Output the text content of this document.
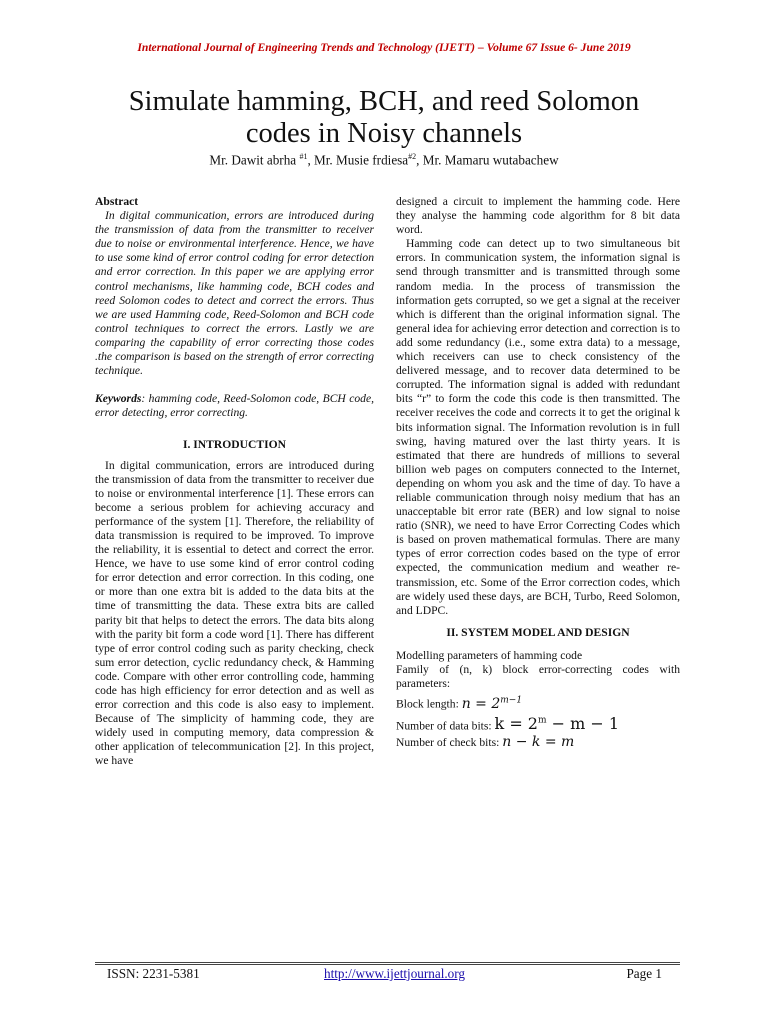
International Journal of Engineering Trends and Technology (IJETT) – Volume 67 Issue 6- June 2019
Simulate hamming, BCH, and reed Solomon
codes in Noisy channels
Mr. Dawit abrha $^{\#1}$, Mr. Musie frdiesa$^{\#2}$, Mr. Mamaru wutabachew

Abstract

In digital communication, errors are introduced during the transmission of data from the transmitter to receiver due to noise or environmental interference. Hence, we have to use some kind of error control coding for error detection and error correction. In this paper we are applying error control mechanisms, like hamming code, BCH codes and reed Solomon codes to detect and correct the errors. Thus we are used Hamming code, Reed-Solomon and BCH code control techniques to correct the errors. Lastly we are comparing the capability of error correcting those codes .the comparison is based on the strength of error correcting technique.

Keywords: hamming code, Reed-Solomon code, BCH code, error detecting, error correcting.

I. INTRODUCTION

In digital communication, errors are introduced during the transmission of data from the transmitter to receiver due to noise or environmental interference [1]. These errors can become a serious problem for achieving accuracy and performance of the system [1]. Therefore, the reliability of data transmission is required to be improved. To improve the reliability, it is essential to detect and correct the error. Hence, we have to use some kind of error control coding for error detection and error correction. In this coding, one or more than one extra bit is added to the data bits at the time of transmitting the data. These extra bits are called parity bit that helps to detect the errors. The data bits along with the parity bit form a code word [1]. There has different type of error control coding such as parity checking, check sum error detection, cyclic redundancy check, & Hamming code. Compare with other error controlling code, hamming code has high efficiency for error detection and as well as error correction and this code is also easy to implement. Because of The simplicity of hamming code, they are widely used in computing memory, data compression & other application of telecommunication [2]. In this project, we have

designed a circuit to implement the hamming code. Here they analyse the hamming code algorithm for 8 bit data word.

Hamming code can detect up to two simultaneous bit errors. In communication system, the information signal is send through transmitter and is transmitted through some random media. In the process of transmission the information gets corrupted, so we get a signal at the receiver which is different than the original information signal. The general idea for achieving error detection and correction is to add some redundancy (i.e., some extra data) to a message, which receivers can use to check consistency of the delivered message, and to recover data determined to be corrupted. The information signal is added with redundant bits “r” to form the code this code is then transmitted. The receiver receives the code and corrects it to get the original k bits information signal. The Information revolution is in full swing, having matured over the last thirty years. It is estimated that there are hundreds of millions to several billion web pages on computers connected to the Internet, depending on whom you ask and the time of day. To have a reliable communication through noisy medium that has an unacceptable bit error rate (BER) and low signal to noise ratio (SNR), we need to have Error Correcting Codes which is based on proven mathematical formulas. There are many types of error correction codes based on the type of error expected, the communication medium and weather re-transmission, etc. Some of the Error correction codes, which are widely used these days, are BCH, Turbo, Reed Solomon, and LDPC.

II. SYSTEM MODEL AND DESIGN

Modelling parameters of hamming code

Family of (n, k) block error-correcting codes with parameters:

Block length: $n = 2^{m-1}$

Number of data bits: $k = 2^m - m - 1$

Number of check bits: n − k = m

ISSN: 2231-5381	http://www.ijettjournal.org	Page 1
